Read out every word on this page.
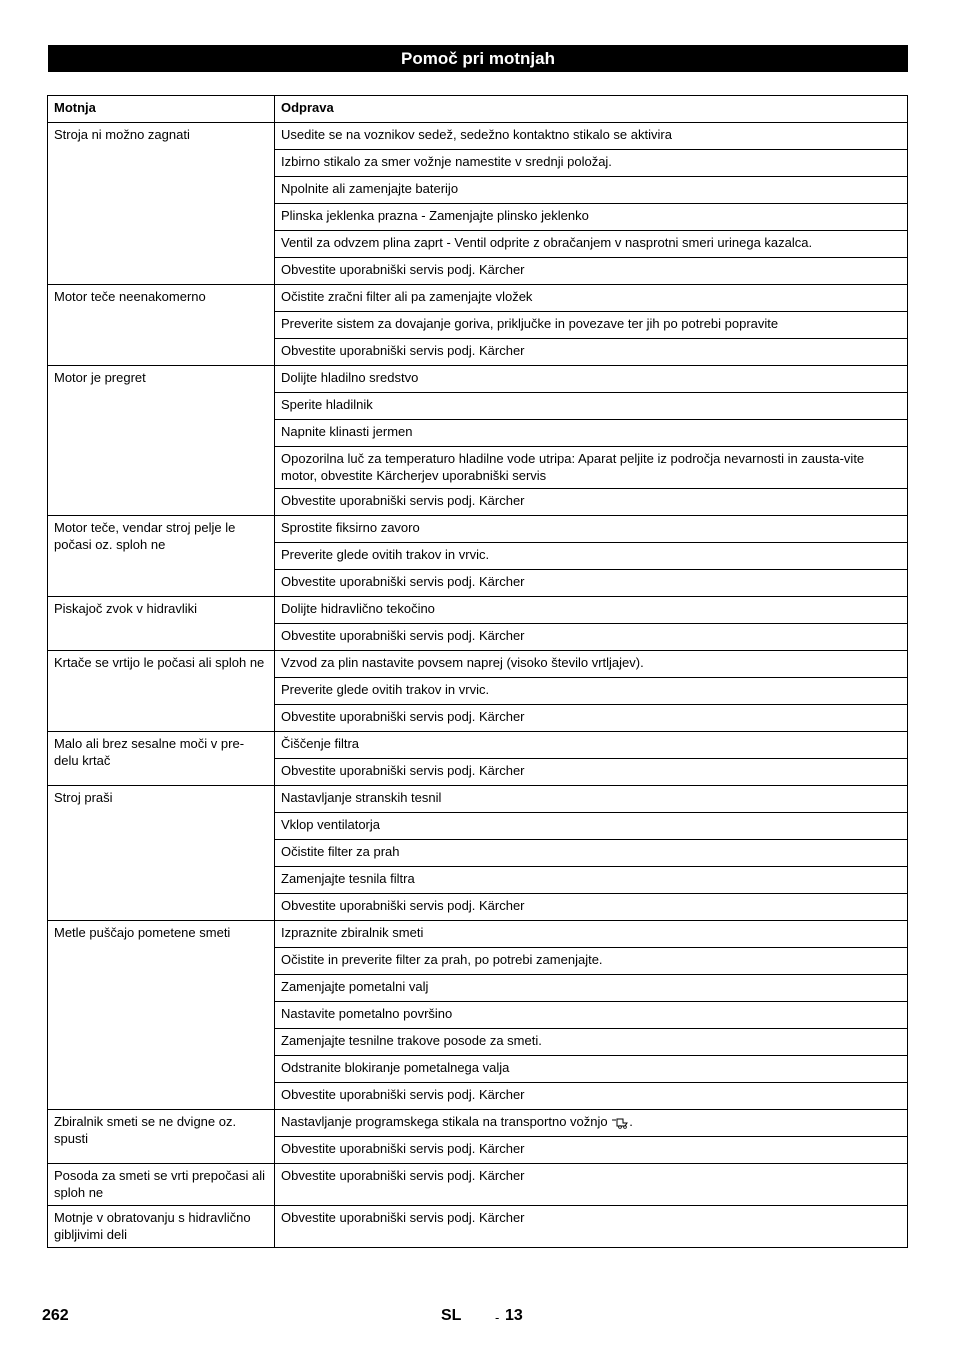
Pomoč pri motnjah
Motnja	Odprava
Stroja ni možno zagnati	Usedite se na voznikov sedež, sedežno kontaktno stikalo se aktivira
	Izbirno stikalo za smer vožnje namestite v srednji položaj.
	Npolnite ali zamenjajte baterijo
	Plinska jeklenka prazna - Zamenjajte plinsko jeklenko
	Ventil za odvzem plina zaprt - Ventil odprite z obračanjem v nasprotni smeri urinega kazalca.
	Obvestite uporabniški servis podj. Kärcher
Motor teče neenakomerno	Očistite zračni filter ali pa zamenjajte vložek
	Preverite sistem za dovajanje goriva, priključke in povezave ter jih po potrebi popravite
	Obvestite uporabniški servis podj. Kärcher
Motor je pregret	Dolijte hladilno sredstvo
	Sperite hladilnik
	Napnite klinasti jermen
	Opozorilna luč za temperaturo hladilne vode utripa: Aparat peljite iz področja nevarnosti in zausta-vite motor, obvestite Kärcherjev uporabniški servis
	Obvestite uporabniški servis podj. Kärcher
Motor teče, vendar stroj pelje le počasi oz. sploh ne	Sprostite fiksirno zavoro
	Preverite glede ovitih trakov in vrvic.
	Obvestite uporabniški servis podj. Kärcher
Piskajoč zvok v hidravliki	Dolijte hidravlično tekočino
	Obvestite uporabniški servis podj. Kärcher
Krtače se vrtijo le počasi ali sploh ne	Vzvod za plin nastavite povsem naprej (visoko število vrtljajev).
	Preverite glede ovitih trakov in vrvic.
	Obvestite uporabniški servis podj. Kärcher
Malo ali brez sesalne moči v pre-delu krtač	Čiščenje filtra
	Obvestite uporabniški servis podj. Kärcher
Stroj praši	Nastavljanje stranskih tesnil
	Vklop ventilatorja
	Očistite filter za prah
	Zamenjajte tesnila filtra
	Obvestite uporabniški servis podj. Kärcher
Metle puščajo pometene smeti	Izpraznite zbiralnik smeti
	Očistite in preverite filter za prah, po potrebi zamenjajte.
	Zamenjajte pometalni valj
	Nastavite pometalno površino
	Zamenjajte tesnilne trakove posode za smeti.
	Odstranite blokiranje pometalnega valja
	Obvestite uporabniški servis podj. Kärcher
Zbiralnik smeti se ne dvigne oz. spusti	Nastavljanje programskega stikala na transportno vožnjo .
	Obvestite uporabniški servis podj. Kärcher
Posoda za smeti se vrti prepočasi ali sploh ne	Obvestite uporabniški servis podj. Kärcher
Motnje v obratovanju s hidravlično gibljivimi deli	Obvestite uporabniški servis podj. Kärcher
262	SL	- 13
